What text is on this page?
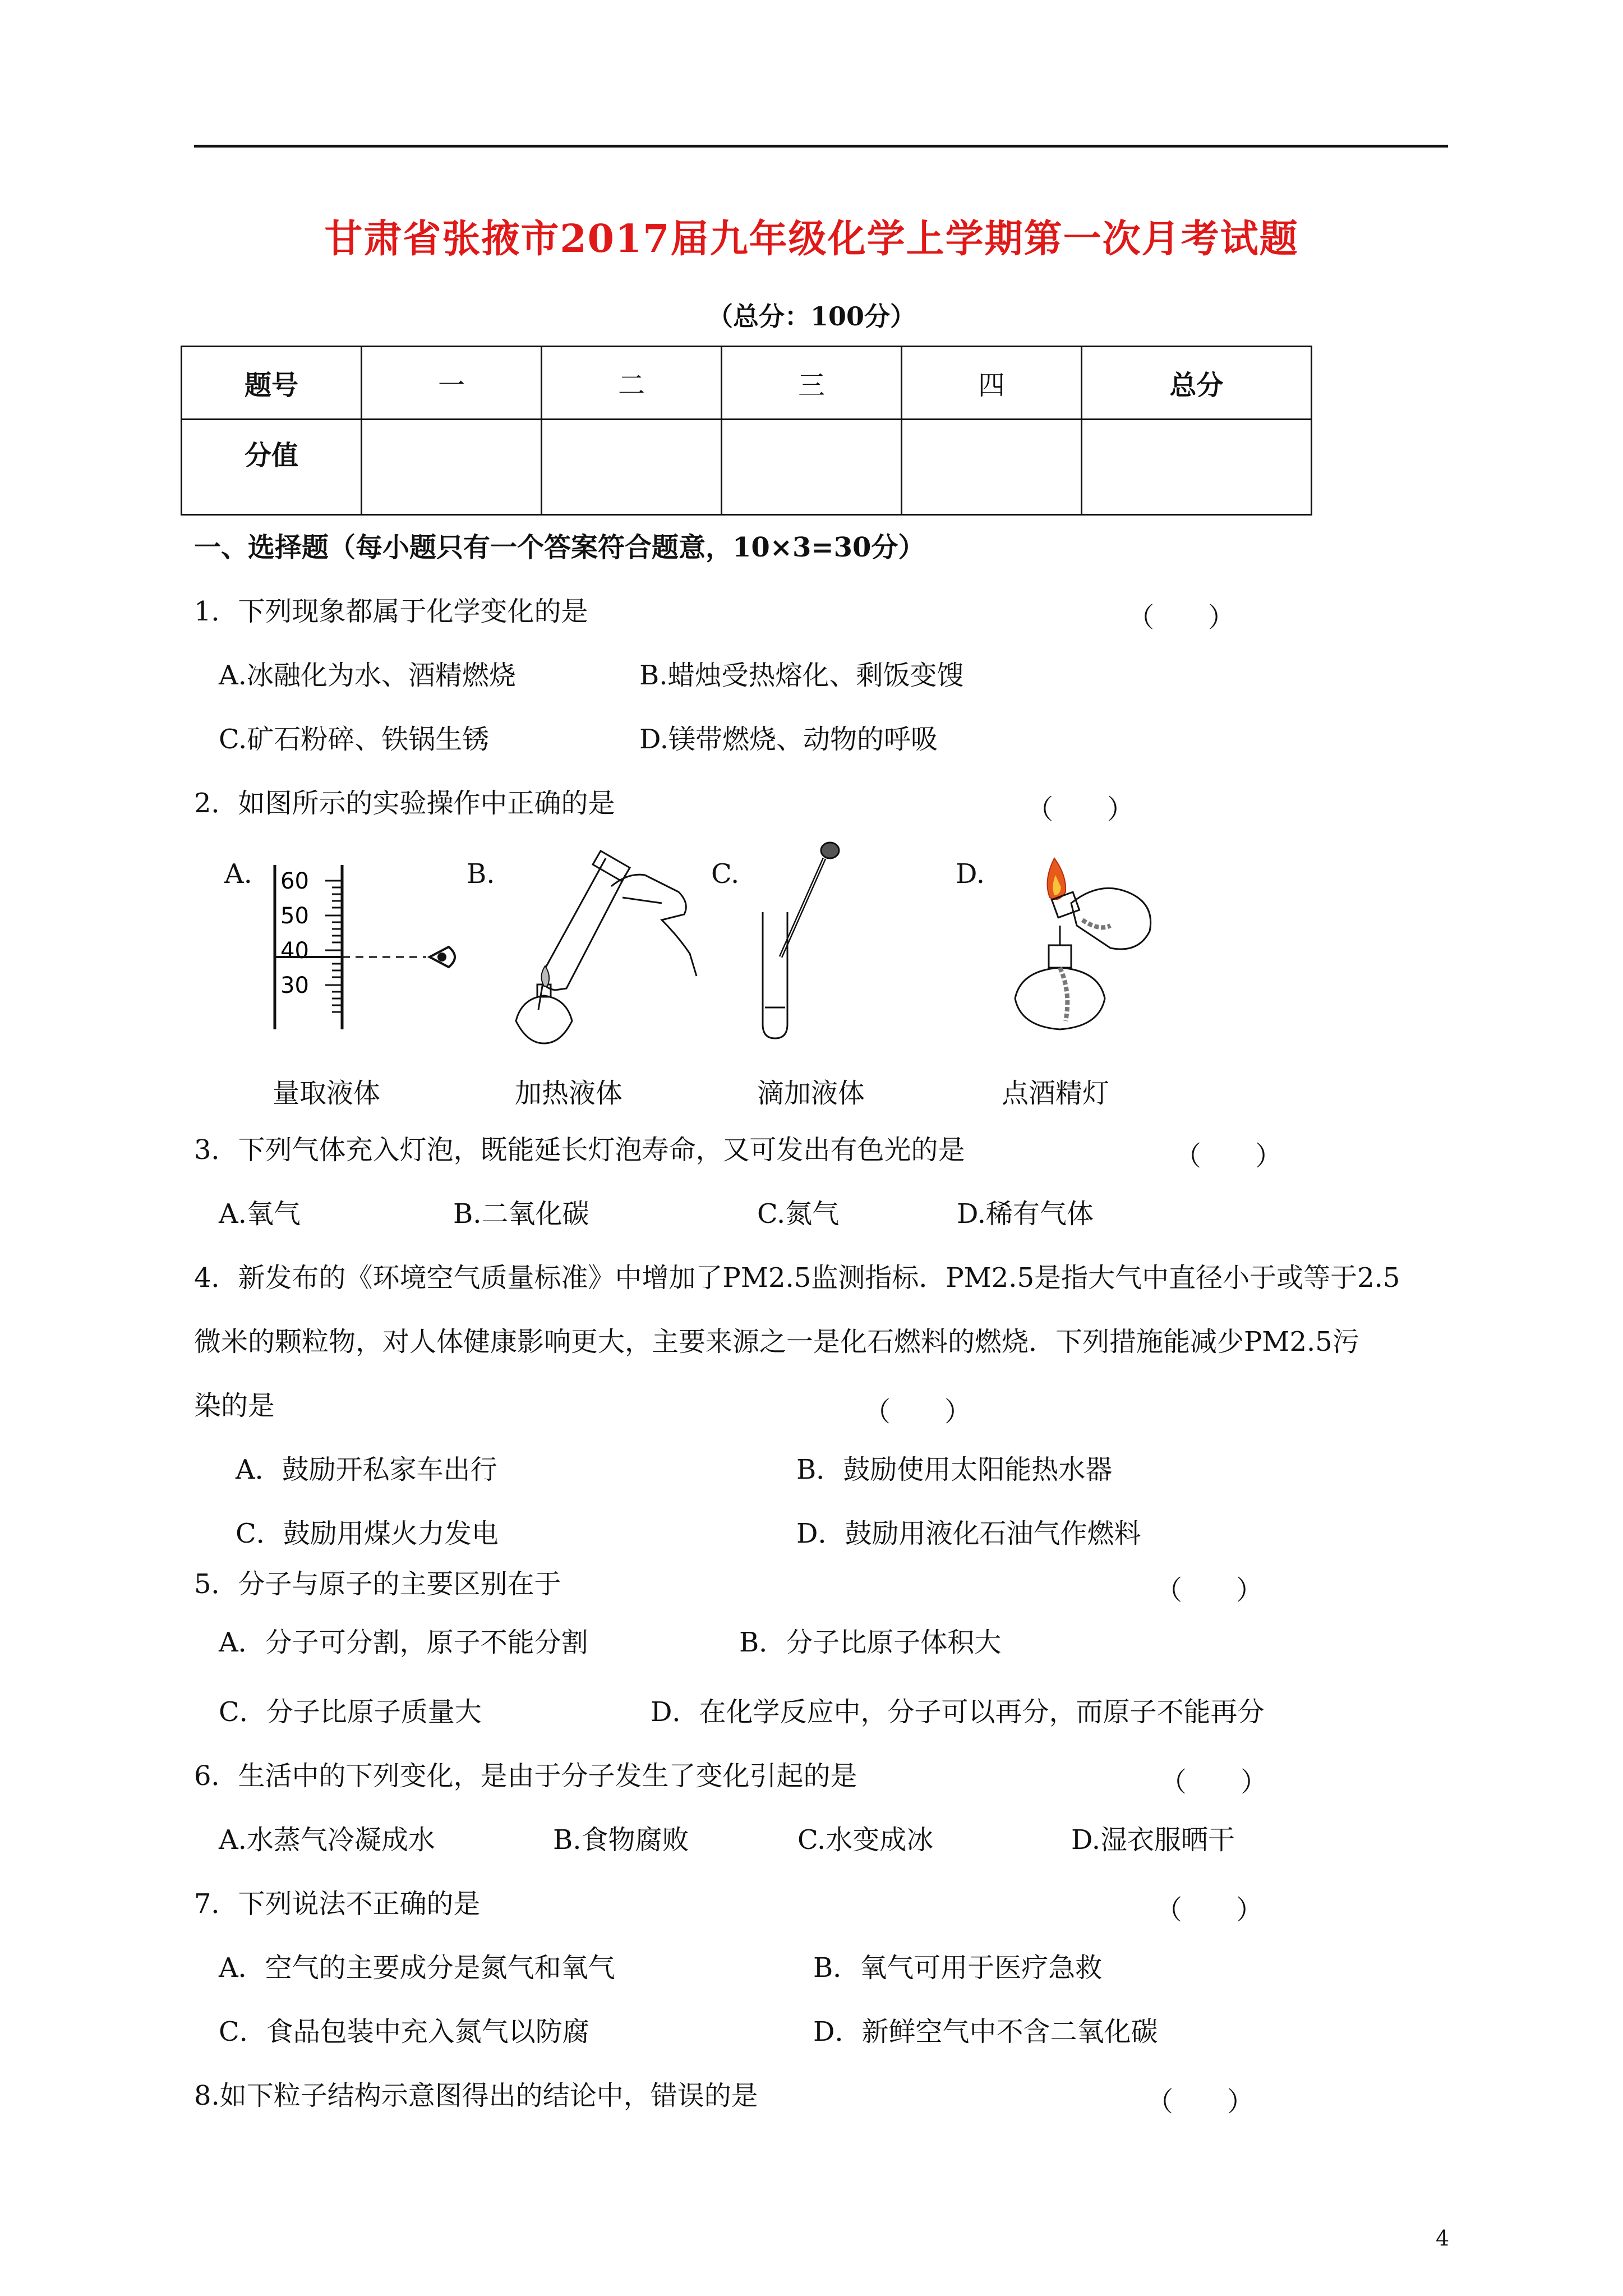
甘肃省张掖市2017届九年级化学上学期第一次月考试题
（总分：100分）
题号	一	二	三	四	总分
分值					
一、选择题（每小题只有一个答案符合题意，10×3=30分）
1．下列现象都属于化学变化的是	（　　）
A.冰融化为水、酒精燃烧	B.蜡烛受热熔化、剩饭变馊
C.矿石粉碎、铁锅生锈	D.镁带燃烧、动物的呼吸
2．如图所示的实验操作中正确的是	（　　）
A.	B.	C.	D.
60
50
40
30
量取液体	加热液体	滴加液体	点酒精灯
3．下列气体充入灯泡，既能延长灯泡寿命，又可发出有色光的是	（　　）
A.氧气	B.二氧化碳	C.氮气	D.稀有气体
4．新发布的《环境空气质量标准》中增加了PM2.5监测指标．PM2.5是指大气中直径小于或等于2.5
微米的颗粒物，对人体健康影响更大，主要来源之一是化石燃料的燃烧．下列措施能减少PM2.5污
染的是	（　　）
A．鼓励开私家车出行	B．鼓励使用太阳能热水器
C．鼓励用煤火力发电	D．鼓励用液化石油气作燃料
5．分子与原子的主要区别在于	（　　）
A．分子可分割，原子不能分割	B．分子比原子体积大
C．分子比原子质量大	D．在化学反应中，分子可以再分，而原子不能再分
6．生活中的下列变化，是由于分子发生了变化引起的是	（　　）
A.水蒸气冷凝成水	B.食物腐败	C.水变成冰	D.湿衣服晒干
7．下列说法不正确的是	（　　）
A．空气的主要成分是氮气和氧气	B．氧气可用于医疗急救
C．食品包装中充入氮气以防腐	D．新鲜空气中不含二氧化碳
8.如下粒子结构示意图得出的结论中，错误的是	（　　）
4
